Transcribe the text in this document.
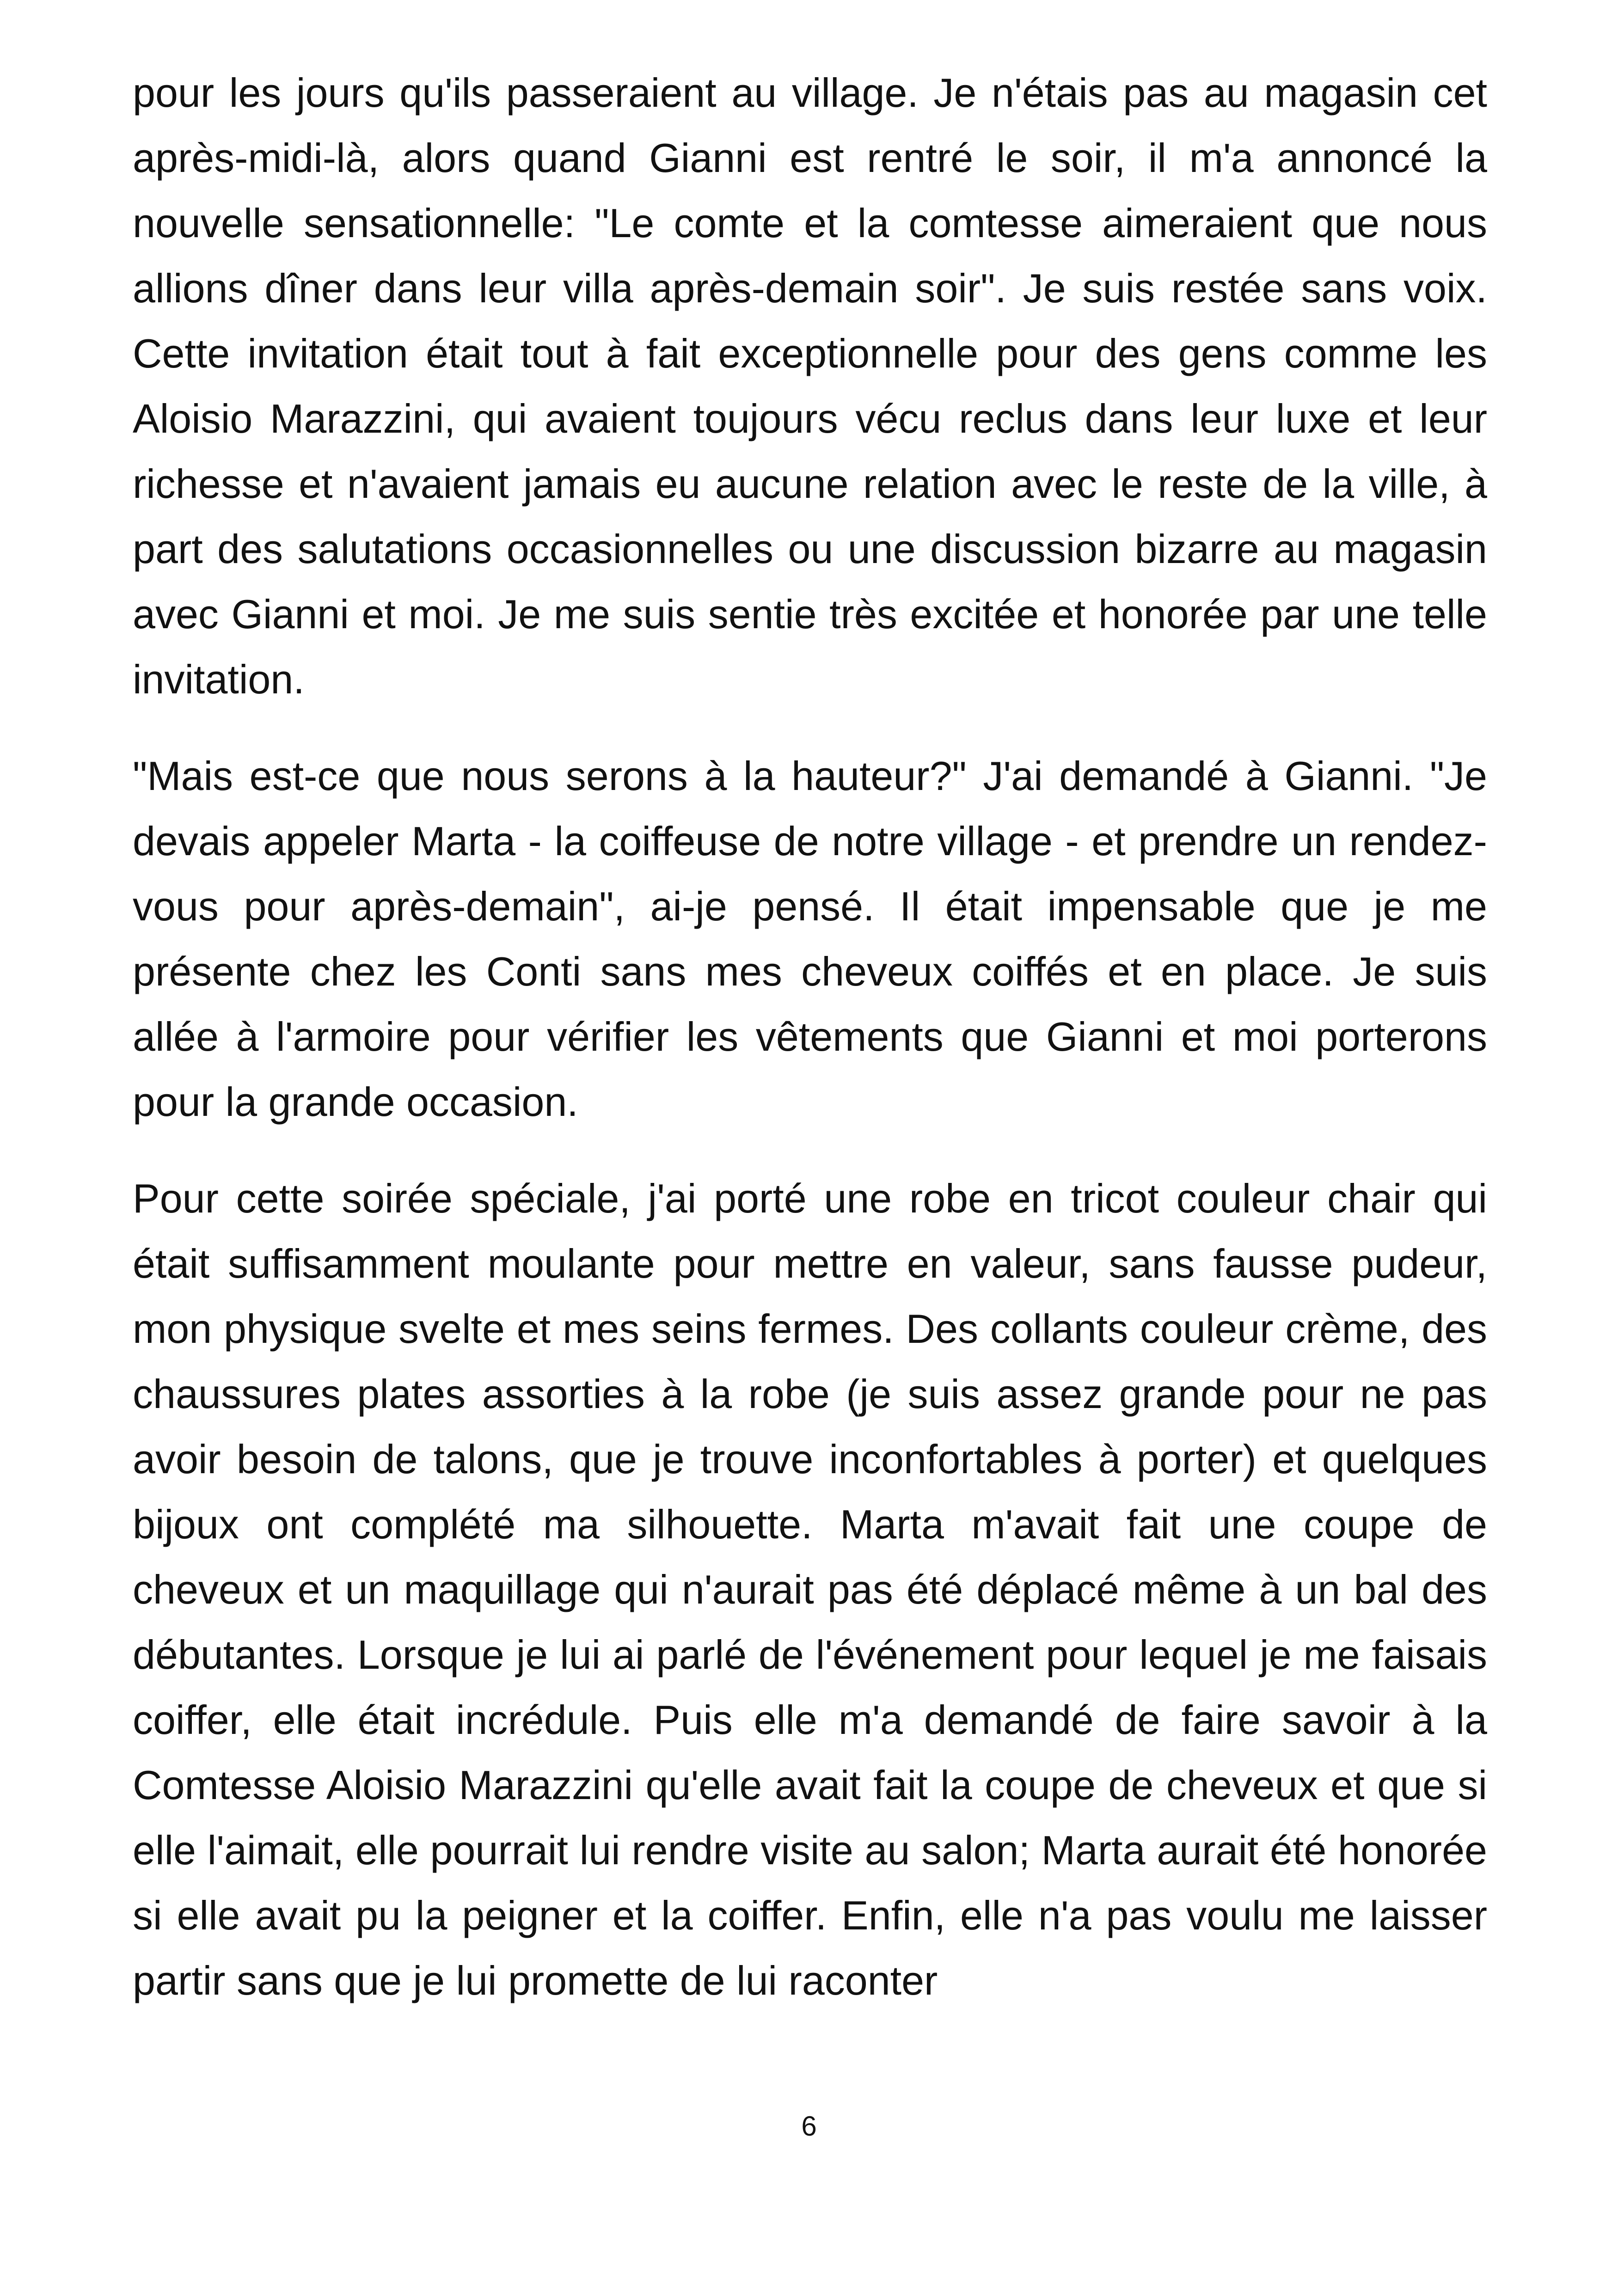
pour les jours qu'ils passeraient au village. Je n'étais pas au magasin cet après-midi-là, alors quand Gianni est rentré le soir, il m'a annoncé la nouvelle sensationnelle: "Le comte et la comtesse aimeraient que nous allions dîner dans leur villa après-demain soir". Je suis restée sans voix. Cette invitation était tout à fait exceptionnelle pour des gens comme les Aloisio Marazzini, qui avaient toujours vécu reclus dans leur luxe et leur richesse et n'avaient jamais eu aucune relation avec le reste de la ville, à part des salutations occasionnelles ou une discussion bizarre au magasin avec Gianni et moi. Je me suis sentie très excitée et honorée par une telle invitation.

"Mais est-ce que nous serons à la hauteur?" J'ai demandé à Gianni. "Je devais appeler Marta - la coiffeuse de notre village - et prendre un rendez-vous pour après-demain", ai-je pensé. Il était impensable que je me présente chez les Conti sans mes cheveux coiffés et en place. Je suis allée à l'armoire pour vérifier les vêtements que Gianni et moi porterons pour la grande occasion.

Pour cette soirée spéciale, j'ai porté une robe en tricot couleur chair qui était suffisamment moulante pour mettre en valeur, sans fausse pudeur, mon physique svelte et mes seins fermes. Des collants couleur crème, des chaussures plates assorties à la robe (je suis assez grande pour ne pas avoir besoin de talons, que je trouve inconfortables à porter) et quelques bijoux ont complété ma silhouette. Marta m'avait fait une coupe de cheveux et un maquillage qui n'aurait pas été déplacé même à un bal des débutantes. Lorsque je lui ai parlé de l'événement pour lequel je me faisais coiffer, elle était incrédule. Puis elle m'a demandé de faire savoir à la Comtesse Aloisio Marazzini qu'elle avait fait la coupe de cheveux et que si elle l'aimait, elle pourrait lui rendre visite au salon; Marta aurait été honorée si elle avait pu la peigner et la coiffer. Enfin, elle n'a pas voulu me laisser partir sans que je lui promette de lui raconter

6
